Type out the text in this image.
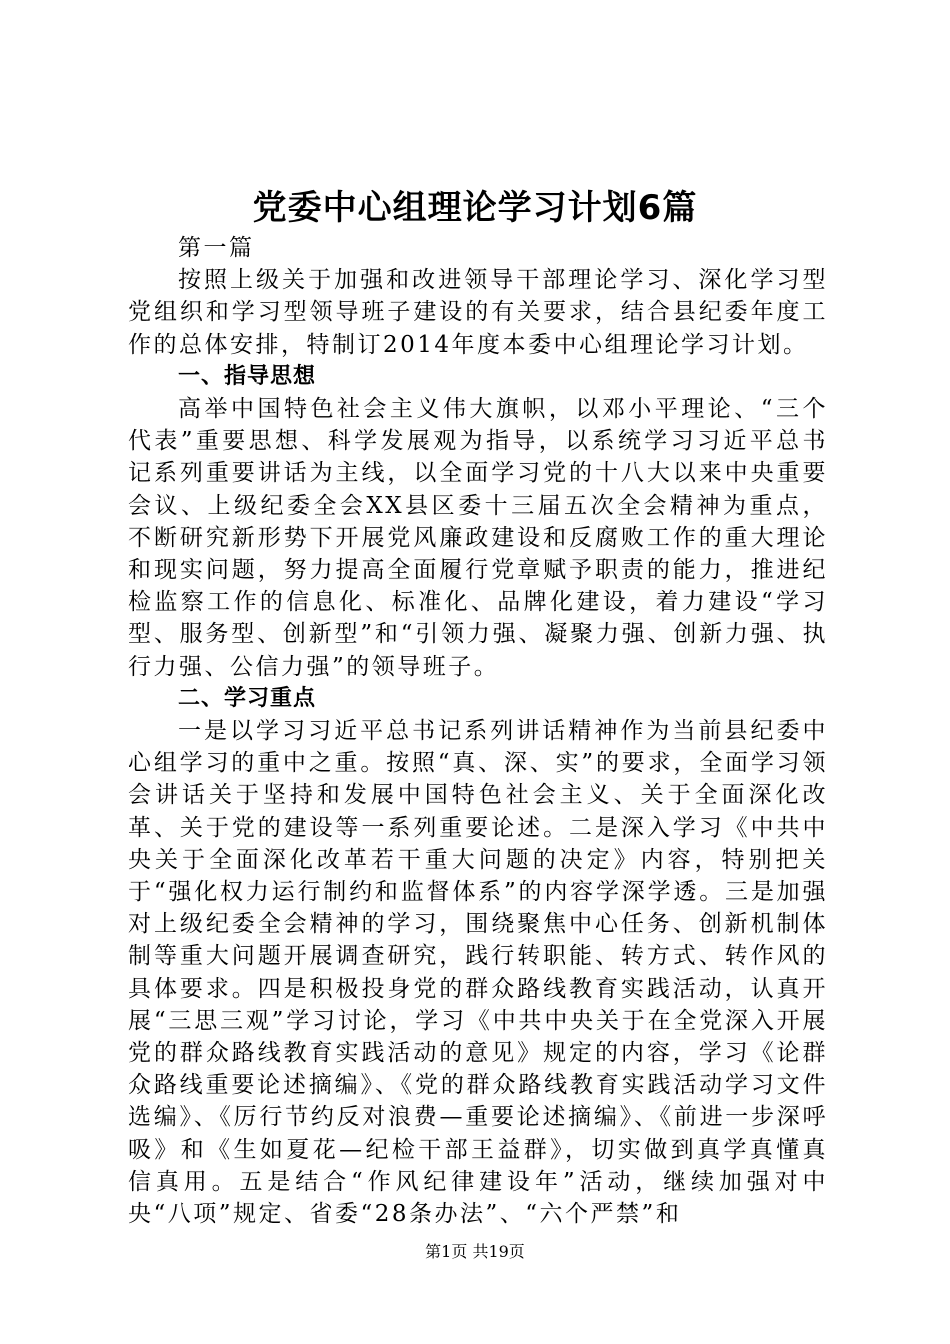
党委中心组理论学习计划6篇

第一篇

按照上级关于加强和改进领导干部理论学习、深化学习型党组织和学习型领导班子建设的有关要求，结合县纪委年度工作的总体安排，特制订2014年度本委中心组理论学习计划。

一、指导思想

高举中国特色社会主义伟大旗帜，以邓小平理论、“三个代表”重要思想、科学发展观为指导，以系统学习习近平总书记系列重要讲话为主线，以全面学习党的十八大以来中央重要会议、上级纪委全会XX县区委十三届五次全会精神为重点，不断研究新形势下开展党风廉政建设和反腐败工作的重大理论和现实问题，努力提高全面履行党章赋予职责的能力，推进纪检监察工作的信息化、标准化、品牌化建设，着力建设“学习型、服务型、创新型”和“引领力强、凝聚力强、创新力强、执行力强、公信力强”的领导班子。

二、学习重点

一是以学习习近平总书记系列讲话精神作为当前县纪委中心组学习的重中之重。按照“真、深、实”的要求，全面学习领会讲话关于坚持和发展中国特色社会主义、关于全面深化改革、关于党的建设等一系列重要论述。二是深入学习《中共中央关于全面深化改革若干重大问题的决定》内容，特别把关于“强化权力运行制约和监督体系”的内容学深学透。三是加强对上级纪委全会精神的学习，围绕聚焦中心任务、创新机制体制等重大问题开展调查研究，践行转职能、转方式、转作风的具体要求。四是积极投身党的群众路线教育实践活动，认真开展“三思三观”学习讨论，学习《中共中央关于在全党深入开展党的群众路线教育实践活动的意见》规定的内容，学习《论群众路线重要论述摘编》、《党的群众路线教育实践活动学习文件选编》、《厉行节约反对浪费—重要论述摘编》、《前进一步深呼吸》和《生如夏花—纪检干部王益群》，切实做到真学真懂真信真用。五是结合“作风纪律建设年”活动，继续加强对中央“八项”规定、省委“28条办法”、“六个严禁”和

第1页 共19页
